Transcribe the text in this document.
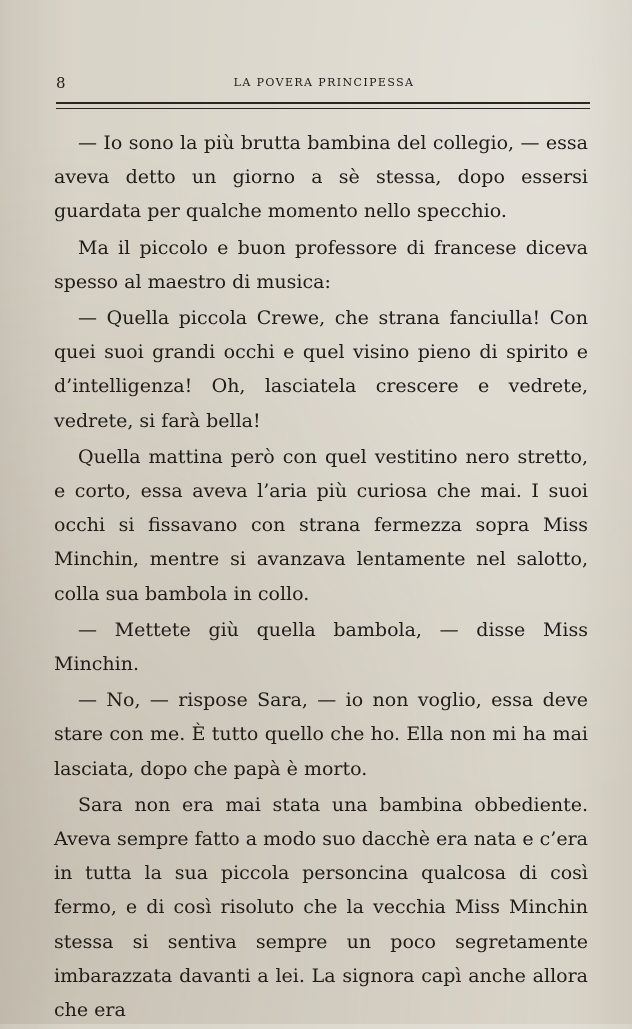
8	LA POVERA PRINCIPESSA

— Io sono la più brutta bambina del collegio, — essa aveva detto un giorno a sè stessa, dopo essersi guardata per qualche momento nello specchio.

Ma il piccolo e buon professore di francese diceva spesso al maestro di musica:

— Quella piccola Crewe, che strana fanciulla! Con quei suoi grandi occhi e quel visino pieno di spirito e d’intelligenza! Oh, lasciatela crescere e vedrete, vedrete, si farà bella!

Quella mattina però con quel vestitino nero stretto, e corto, essa aveva l’aria più curiosa che mai. I suoi occhi si fissavano con strana fermezza sopra Miss Minchin, mentre si avanzava lentamente nel salotto, colla sua bambola in collo.

— Mettete giù quella bambola, — disse Miss Minchin.

— No, — rispose Sara, — io non voglio, essa deve stare con me. È tutto quello che ho. Ella non mi ha mai lasciata, dopo che papà è morto.

Sara non era mai stata una bambina obbediente. Aveva sempre fatto a modo suo dacchè era nata e c’era in tutta la sua piccola personcina qualcosa di così fermo, e di così risoluto che la vecchia Miss Minchin stessa si sentiva sempre un poco segretamente imbarazzata davanti a lei. La signora capì anche allora che era
